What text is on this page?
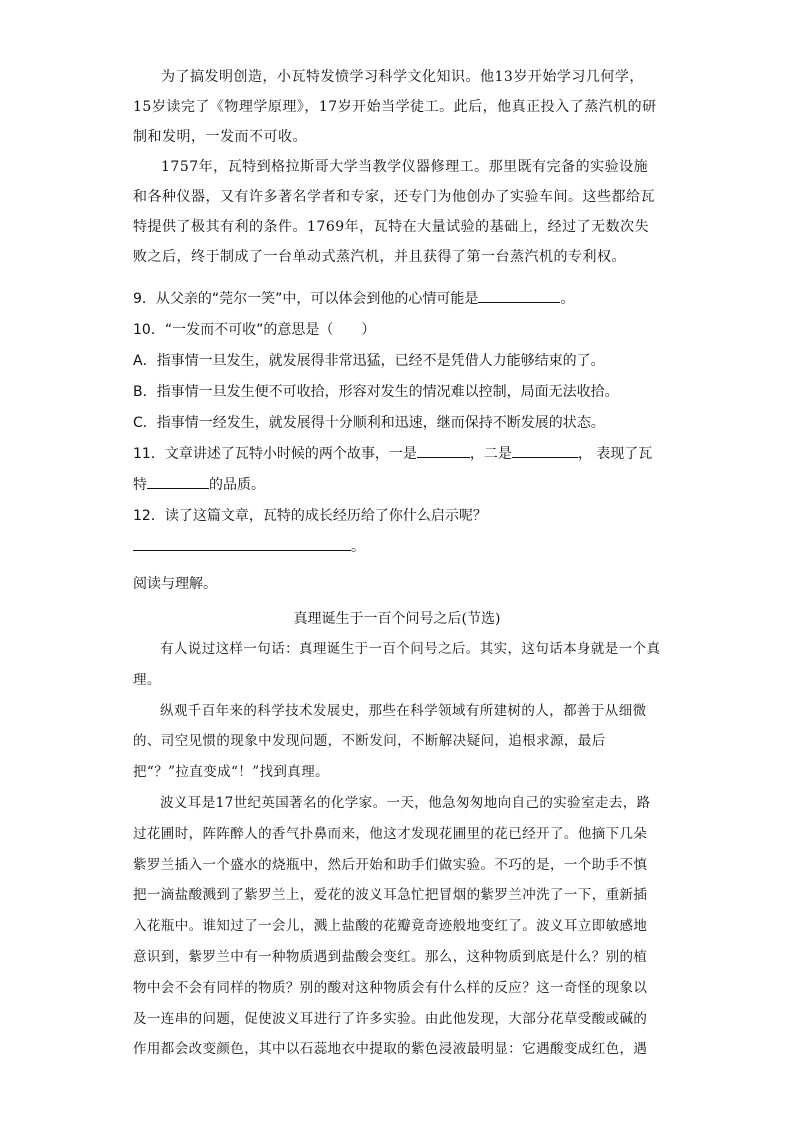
为了搞发明创造，小瓦特发愤学习科学文化知识。他13岁开始学习几何学，15岁读完了《物理学原理》，17岁开始当学徒工。此后，他真正投入了蒸汽机的研制和发明，一发而不可收。

1757年，瓦特到格拉斯哥大学当教学仪器修理工。那里既有完备的实验设施和各种仪器，又有许多著名学者和专家，还专门为他创办了实验车间。这些都给瓦特提供了极其有利的条件。1769年，瓦特在大量试验的基础上，经过了无数次失败之后，终于制成了一台单动式蒸汽机，并且获得了第一台蒸汽机的专利权。

9．从父亲的“莞尔一笑”中，可以体会到他的心情可能是	。

10．“一发而不可收”的意思是（　　）

A．指事情一旦发生，就发展得非常迅猛，已经不是凭借人力能够结束的了。

B．指事情一旦发生便不可收拾，形容对发生的情况难以控制，局面无法收拾。

C．指事情一经发生，就发展得十分顺利和迅速，继而保持不断发展的状态。

11．文章讲述了瓦特小时候的两个故事，一是	，二是	， 表现了瓦
特	的品质。

12．读了这篇文章，瓦特的成长经历给了你什么启示呢？

。

阅读与理解。
真理诞生于一百个问号之后(节选)

有人说过这样一句话：真理诞生于一百个问号之后。其实，这句话本身就是一个真理。

纵观千百年来的科学技术发展史，那些在科学领域有所建树的人，都善于从细微的、司空见惯的现象中发现问题，不断发问，不断解决疑问，追根求源，最后把“？”拉直变成“！”找到真理。

波义耳是17世纪英国著名的化学家。一天，他急匆匆地向自己的实验室走去，路过花圃时，阵阵醉人的香气扑鼻而来，他这才发现花圃里的花已经开了。他摘下几朵紫罗兰插入一个盛水的烧瓶中，然后开始和助手们做实验。不巧的是，一个助手不慎把一滴盐酸溅到了紫罗兰上，爱花的波义耳急忙把冒烟的紫罗兰冲洗了一下，重新插入花瓶中。谁知过了一会儿，溅上盐酸的花瓣竟奇迹般地变红了。波义耳立即敏感地意识到，紫罗兰中有一种物质遇到盐酸会变红。那么，这种物质到底是什么？别的植物中会不会有同样的物质？别的酸对这种物质会有什么样的反应？这一奇怪的现象以及一连串的问题，促使波义耳进行了许多实验。由此他发现，大部分花草受酸或碱的作用都会改变颜色，其中以石蕊地衣中提取的紫色浸液最明显：它遇酸变成红色，遇
